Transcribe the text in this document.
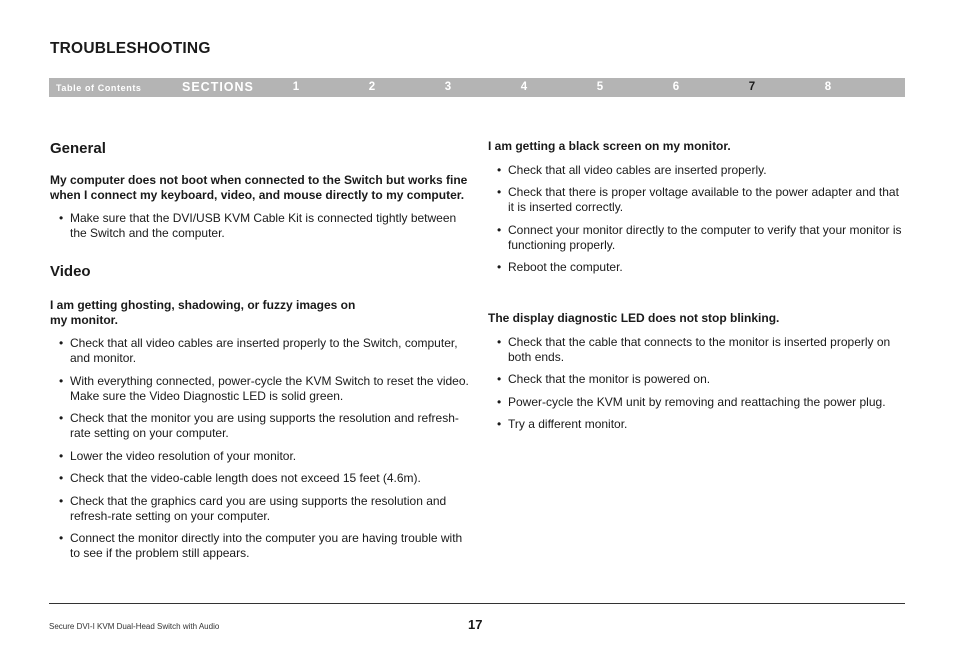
TROUBLESHOOTING
Table of Contents	SECTIONS	1	2	3	4	5	6	7	8
General
My computer does not boot when connected to the Switch but works fine when I connect my keyboard, video, and mouse directly to my computer.
• Make sure that the DVI/USB KVM Cable Kit is connected tightly between the Switch and the computer.
Video
I am getting ghosting, shadowing, or fuzzy images on
my monitor.
• Check that all video cables are inserted properly to the Switch, computer, and monitor.
• With everything connected, power-cycle the KVM Switch to reset the video. Make sure the Video Diagnostic LED is solid green.
• Check that the monitor you are using supports the resolution and refresh-rate setting on your computer.
• Lower the video resolution of your monitor.
• Check that the video-cable length does not exceed 15 feet (4.6m).
• Check that the graphics card you are using supports the resolution and refresh-rate setting on your computer.
• Connect the monitor directly into the computer you are having trouble with to see if the problem still appears.
I am getting a black screen on my monitor.
• Check that all video cables are inserted properly.
• Check that there is proper voltage available to the power adapter and that it is inserted correctly.
• Connect your monitor directly to the computer to verify that your monitor is functioning properly.
• Reboot the computer.
The display diagnostic LED does not stop blinking.
• Check that the cable that connects to the monitor is inserted properly on both ends.
• Check that the monitor is powered on.
• Power-cycle the KVM unit by removing and reattaching the power plug.
• Try a different monitor.
Secure DVI-I KVM Dual-Head Switch with Audio	17
